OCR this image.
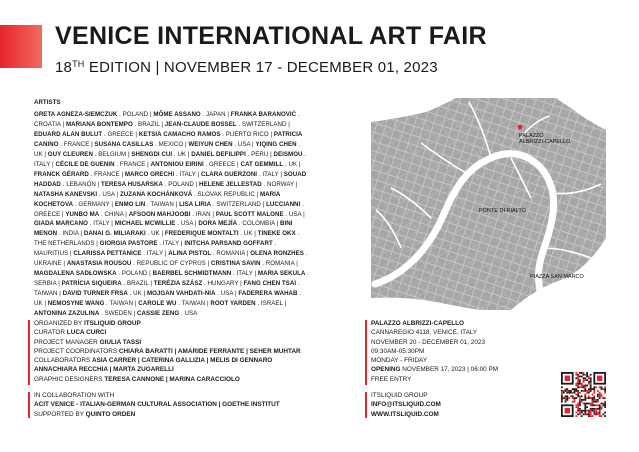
VENICE INTERNATIONAL ART FAIR
18TH EDITION | NOVEMBER 17 - DECEMBER 01, 2023
ARTISTS
GRETA AGNEZA-SIEMCZUK . POLAND | MÔME ASSANO . JAPAN | FRANKA BARANOVIĆ .
CROATIA | MARIANA BONTEMPO . BRAZIL | JEAN-CLAUDE BOSSEL . SWITZERLAND |
EDUARD ALAN BULUT . GREECE | KETSIA CAMACHO RAMOS . PUERTO RICO | PATRICIA
CANINO . FRANCE | SUSANA CASILLAS . MEXICO | WEIYUN CHEN . USA | YIQING CHEN .
UK | GUY CLEUREN . BELGIUM | SHENGDI CUI . UK | DANIEL DEFILIPPI . PERU | DEISMOU .
ITALY | CÉCILE DE GUENIN . FRANCE | ANTONIOU EIRINI . GREECE | CAT GEMMILL . UK |
FRANCK GÉRARD . FRANCE | MARCO GRECHI . ITALY | CLARA GUERZONI . ITALY | SOUAD
HADDAD . LEBANON | TERESA HUSARSKA . POLAND | HELENE JELLESTAD . NORWAY |
NATASHA KANEVSKI . USA | ZUZANA KOCHÁNKOVÁ . SLOVAK REPUBLIC | MARIA
KOCHETOVA . GERMANY | ENMO LIN . TAIWAN | LISA LIRIA . SWITZERLAND | LUCCIANNI .
GREECE | YUNBO MA . CHINA | AFSOON MAHJOOBI . IRAN | PAUL SCOTT MALONE . USA |
GIADA MARCANO . ITALY | MICHAEL MCWILLIE . USA | DORA MEJÍA . COLOMBIA | BINI
MENON . INDIA | DANAI G. MILIARAKI . UK | FREDERIQUE MONTALTI . UK | TINEKE OKX .
THE NETHERLANDS | GIORGIA PASTORE . ITALY | INITCHA PARSAND GOFFART .
MAURITIUS | CLARISSA PETTANICE . ITALY | ALINA PISTOL . ROMANIA | OLENA RONZHES .
UKRAINE | ANASTASIA ROUSOU . REPUBLIC OF CYPRUS | CRISTINA SAVIN . ROMANIA |
MAGDALENA SADŁOWSKA . POLAND | BAERBEL SCHMIDTMANN . ITALY | MARIA SEKULA .
SERBIA | PATRÍCIA SIQUEIRA . BRAZIL | TERÉZIA SZÁSZ . HUNGARY | FANG CHEN TSAI .
TAIWAN | DAVID TURNER FRSA . UK | MOJGAN VAHDATI-NIA . USA | FADERERA WAHAB .
UK | NEMOSYNE WANG . TAIWAN | CAROLE WU . TAIWAN | ROOT YARDEN . ISRAEL |
ANTONINA ZAZULINA . SWEDEN | CASSIE ZENG . USA
PALAZZO
ALBRIZZI-CAPELLO
PONTE DI RIALTO
PIAZZA SAN MARCO
ORGANIZED BY ITSLIQUID GROUP
CURATOR LUCA CURCI
PROJECT MANAGER GIULIA TASSI
PROJECT COORDINATORS CHIARA BARATTI | AMARIDE FERRANTE | SEHER MUHTAR
COLLABORATORS ASIA CARRER | CATERINA GALLIZIA | MELIS DI GENNARO
ANNACHIARA RECCHIA | MARTA ZUGARELLI
GRAPHIC DESIGNERS TERESA CANNONE | MARINA CARACCIOLO
IN COLLABORATION WITH
ACIT VENICE - ITALIAN-GERMAN CULTURAL ASSOCIATION | GOETHE INSTITUT
SUPPORTED BY QUINTO ORDEN
PALAZZO ALBRIZZI-CAPELLO
CANNAREGIO 4118, VENICE, ITALY
NOVEMBER 20 - DECEMBER 01, 2023
09:30AM-05:30PM
MONDAY - FRIDAY
OPENING NOVEMBER 17, 2023 | 06:00 PM
FREE ENTRY
ITSLIQUID GROUP
INFO@ITSLIQUID.COM
WWW.ITSLIQUID.COM
